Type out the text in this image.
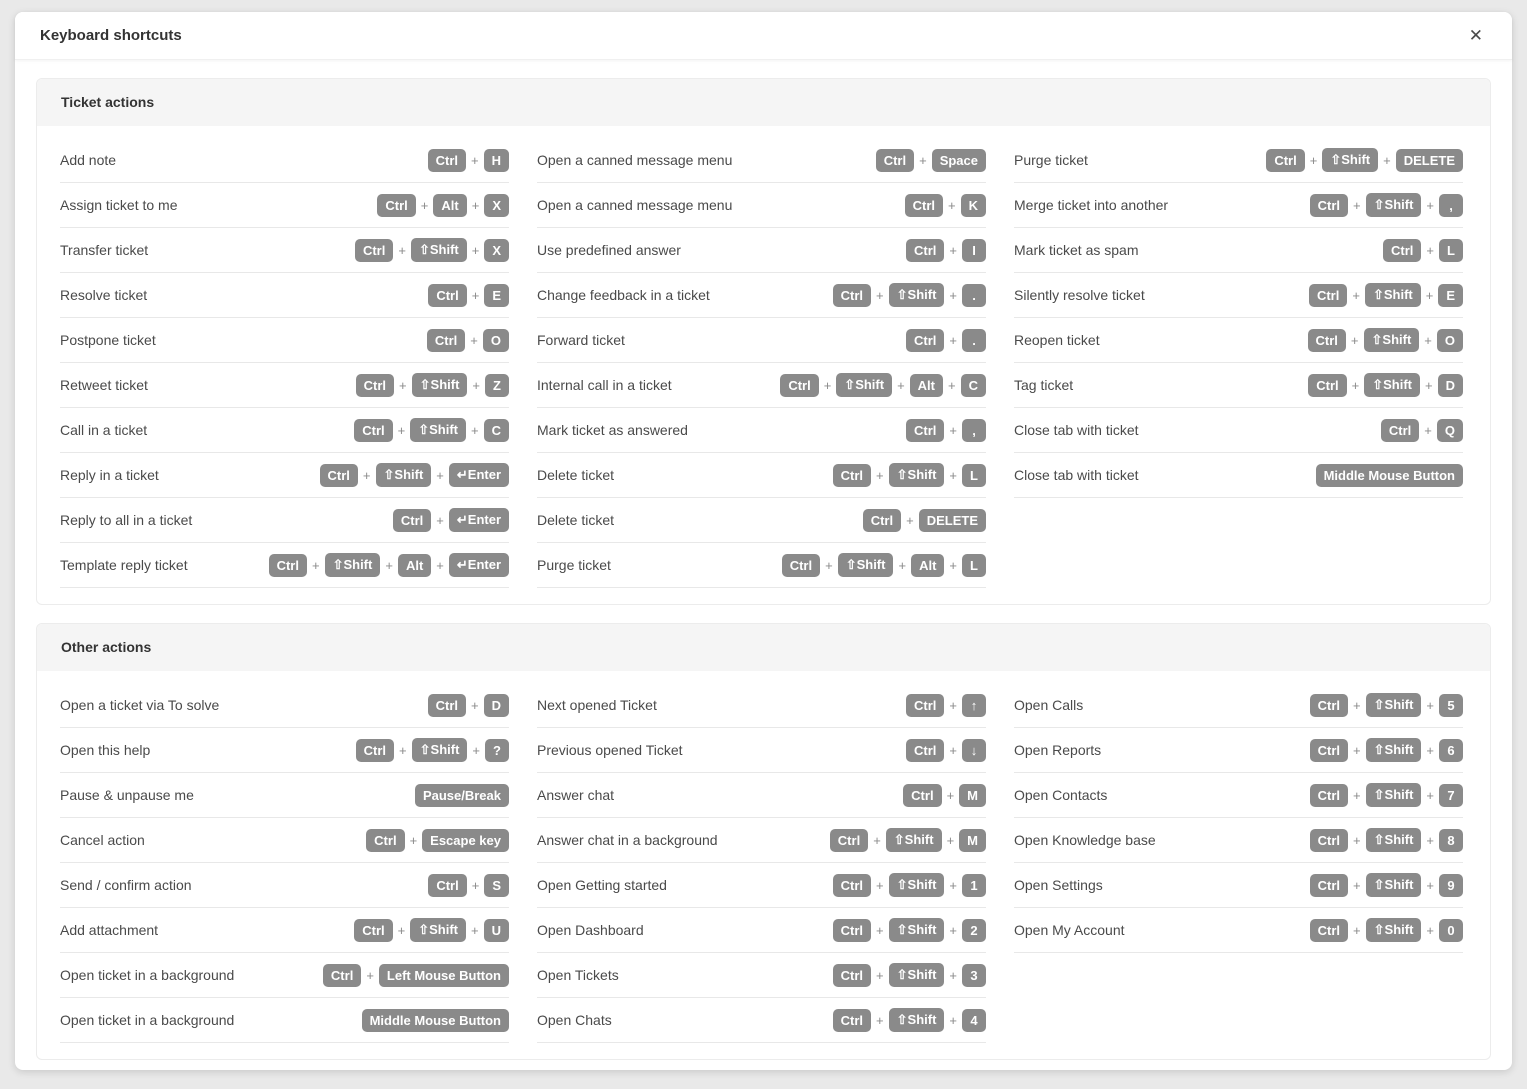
Keyboard shortcuts	✕
Ticket actions
Add note	Ctrl	+	H
Assign ticket to me	Ctrl	+	Alt	+	X
Transfer ticket	Ctrl	+	⇧Shift	+	X
Resolve ticket	Ctrl	+	E
Postpone ticket	Ctrl	+	O
Retweet ticket	Ctrl	+	⇧Shift	+	Z
Call in a ticket	Ctrl	+	⇧Shift	+	C
Reply in a ticket	Ctrl	+	⇧Shift	+	↵Enter
Reply to all in a ticket	Ctrl	+	↵Enter
Template reply ticket	Ctrl	+	⇧Shift	+	Alt	+	↵Enter
Open a canned message menu	Ctrl	+	Space
Open a canned message menu	Ctrl	+	K
Use predefined answer	Ctrl	+	I
Change feedback in a ticket	Ctrl	+	⇧Shift	+	.
Forward ticket	Ctrl	+	.
Internal call in a ticket	Ctrl	+	⇧Shift	+	Alt	+	C
Mark ticket as answered	Ctrl	+	,
Delete ticket	Ctrl	+	⇧Shift	+	L
Delete ticket	Ctrl	+	DELETE
Purge ticket	Ctrl	+	⇧Shift	+	Alt	+	L
Purge ticket	Ctrl	+	⇧Shift	+	DELETE
Merge ticket into another	Ctrl	+	⇧Shift	+	,
Mark ticket as spam	Ctrl	+	L
Silently resolve ticket	Ctrl	+	⇧Shift	+	E
Reopen ticket	Ctrl	+	⇧Shift	+	O
Tag ticket	Ctrl	+	⇧Shift	+	D
Close tab with ticket	Ctrl	+	Q
Close tab with ticket	Middle Mouse Button
Other actions
Open a ticket via To solve	Ctrl	+	D
Open this help	Ctrl	+	⇧Shift	+	?
Pause & unpause me	Pause/Break
Cancel action	Ctrl	+	Escape key
Send / confirm action	Ctrl	+	S
Add attachment	Ctrl	+	⇧Shift	+	U
Open ticket in a background	Ctrl	+	Left Mouse Button
Open ticket in a background	Middle Mouse Button
Next opened Ticket	Ctrl	+	↑
Previous opened Ticket	Ctrl	+	↓
Answer chat	Ctrl	+	M
Answer chat in a background	Ctrl	+	⇧Shift	+	M
Open Getting started	Ctrl	+	⇧Shift	+	1
Open Dashboard	Ctrl	+	⇧Shift	+	2
Open Tickets	Ctrl	+	⇧Shift	+	3
Open Chats	Ctrl	+	⇧Shift	+	4
Open Calls	Ctrl	+	⇧Shift	+	5
Open Reports	Ctrl	+	⇧Shift	+	6
Open Contacts	Ctrl	+	⇧Shift	+	7
Open Knowledge base	Ctrl	+	⇧Shift	+	8
Open Settings	Ctrl	+	⇧Shift	+	9
Open My Account	Ctrl	+	⇧Shift	+	0
